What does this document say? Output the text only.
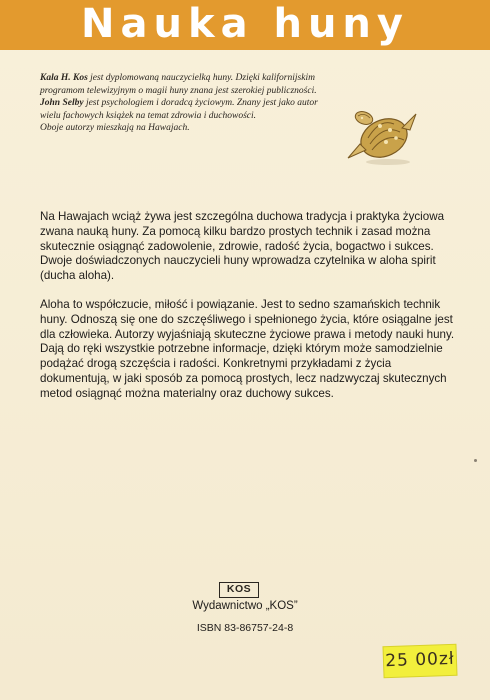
Nauka huny

Kala H. Kos jest dyplomowaną nauczycielką huny. Dzięki kalifornijskim programom telewizyjnym o magii huny znana jest szerokiej publiczności.

John Selby jest psychologiem i doradcą życiowym. Znany jest jako autor wielu fachowych książek na temat zdrowia i duchowości.

Oboje autorzy mieszkają na Hawajach.

Na Hawajach wciąż żywa jest szczególna duchowa tradycja i praktyka życiowa zwana nauką huny. Za pomocą kilku bardzo prostych technik i zasad można skutecznie osiągnąć zadowolenie, zdrowie, radość życia, bogactwo i sukces. Dwoje doświadczonych nauczycieli huny wprowadza czytelnika w aloha spirit (ducha aloha).

Aloha to współczucie, miłość i powiązanie. Jest to sedno szamańskich technik huny. Odnoszą się one do szczęśliwego i spełnionego życia, które osiągalne jest dla człowieka. Autorzy wyjaśniają skuteczne życiowe prawa i metody nauki huny. Dają do ręki wszystkie potrzebne informacje, dzięki którym może samodzielnie podążać drogą szczęścia i radości. Konkretnymi przykładami z życia dokumentują, w jaki sposób za pomocą prostych, lecz nadzwyczaj skutecznych metod osiągnąć można materialny oraz duchowy sukces.

KOS
Wydawnictwo „KOS”
ISBN 83-86757-24-8
25 00zł
